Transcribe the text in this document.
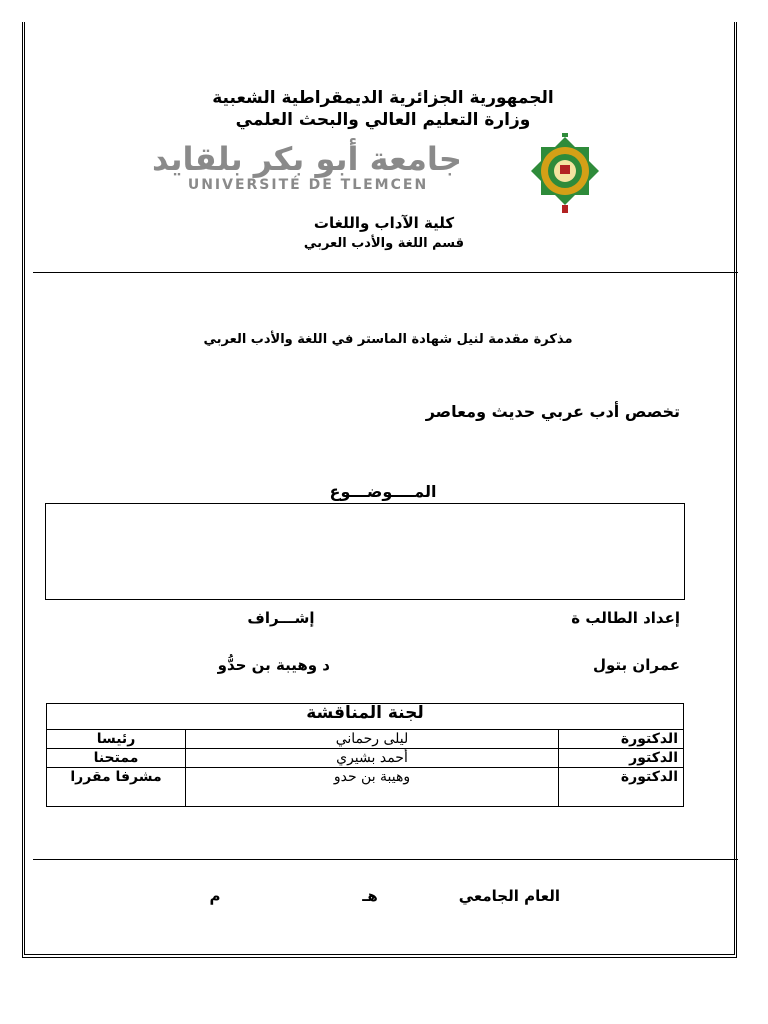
الجمهورية الجزائرية الديمقراطية الشعبية
وزارة التعليم العالي والبحث العلمي
جامعة أبو بكر بلقايد
UNIVERSITÉ DE TLEMCEN
كلية الآداب واللغات
قسم اللغة والأدب العربي
مذكرة مقدمة لنيل شهادة الماستر في اللغة والأدب العربي
تخصص أدب عربي حديث ومعاصر
المــــوضـــوع
إعداد الطالب ة
إشـــراف
عمران بتول
د وهيبة بن حدُّو
لجنة المناقشة		
الدكتورة	ليلى رحماني	رئيسا
الدكتور	أحمد بشيري	ممتحنا
الدكتورة	وهيبة بن حدو	مشرفا مقررا
العام الجامعي
هـ
م
